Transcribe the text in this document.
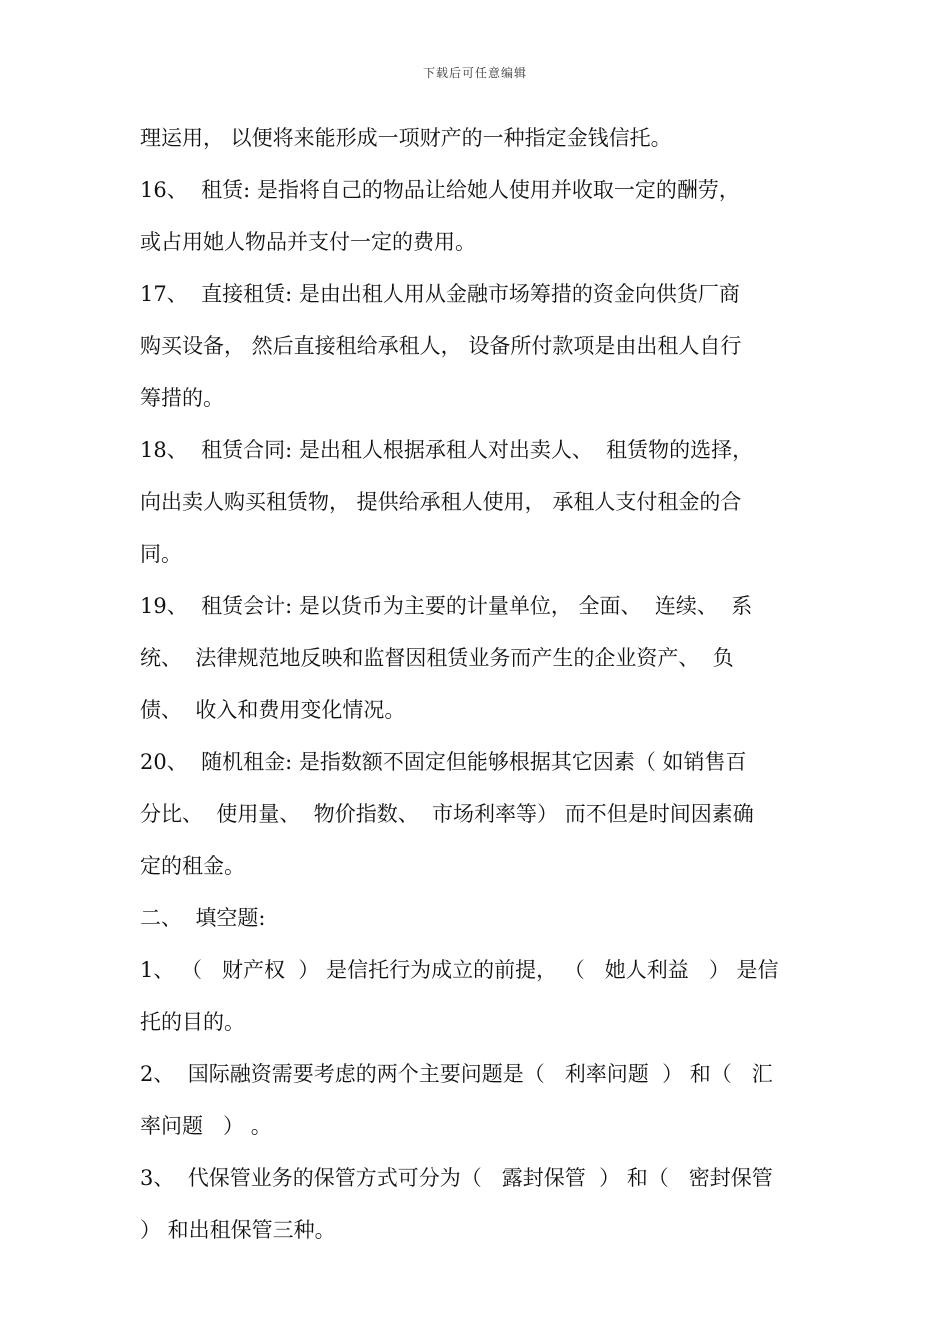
下载后可任意编辑
理运用， 以便将来能形成一项财产的一种指定金钱信托。
16、  租赁: 是指将自己的物品让给她人使用并收取一定的酬劳，
或占用她人物品并支付一定的费用。
17、  直接租赁: 是由出租人用从金融市场筹措的资金向供货厂商
购买设备， 然后直接租给承租人， 设备所付款项是由出租人自行
筹措的。
18、  租赁合同: 是出租人根据承租人对出卖人、  租赁物的选择，
向出卖人购买租赁物， 提供给承租人使用， 承租人支付租金的合
同。
19、  租赁会计: 是以货币为主要的计量单位， 全面、  连续、  系
统、  法律规范地反映和监督因租赁业务而产生的企业资产、  负
债、  收入和费用变化情况。
20、  随机租金: 是指数额不固定但能够根据其它因素（ 如销售百
分比、  使用量、  物价指数、  市场利率等） 而不但是时间因素确
定的租金。
二、  填空题:
1、 （   财产权  ） 是信托行为成立的前提， （   她人利益   ） 是信
托的目的。
2、  国际融资需要考虑的两个主要问题是（   利率问题  ） 和（   汇
率问题   ） 。
3、  代保管业务的保管方式可分为（   露封保管  ） 和（   密封保管
） 和出租保管三种。
